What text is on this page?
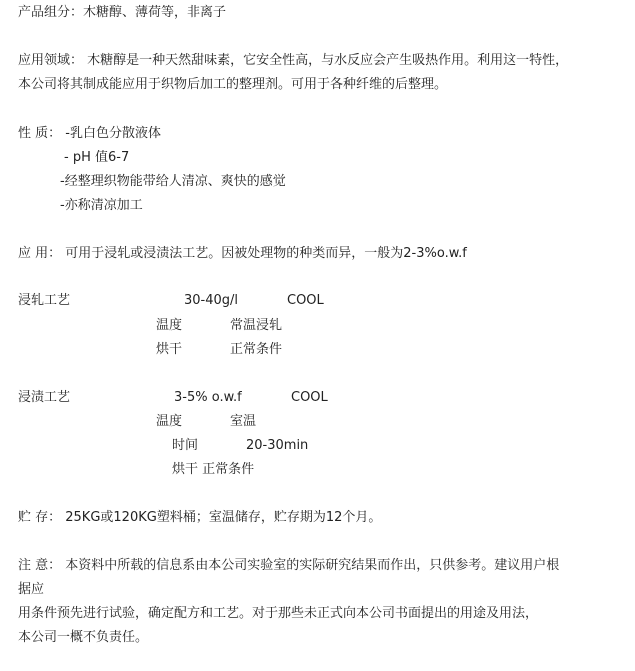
产品组分：木糖醇、薄荷等，非离子
应用领域： 木糖醇是一种天然甜味素，它安全性高，与水反应会产生吸热作用。利用这一特性，
本公司将其制成能应用于织物后加工的整理剂。可用于各种纤维的后整理。
性 质： -乳白色分散液体
- pH 值6-7
-经整理织物能带给人清凉、爽快的感觉
-亦称清凉加工
应 用： 可用于浸轧或浸渍法工艺。因被处理物的种类而异，一般为2-3%o.w.f
浸轧工艺	30-40g/l	COOL
温度	常温浸轧
烘干	正常条件
浸渍工艺	3-5% o.w.f	COOL
温度	室温
时间	20-30min
烘干 正常条件
贮 存： 25KG或120KG塑料桶；室温储存，贮存期为12个月。
注 意： 本资料中所载的信息系由本公司实验室的实际研究结果而作出，只供参考。建议用户根
据应
用条件预先进行试验，确定配方和工艺。对于那些未正式向本公司书面提出的用途及用法，
本公司一概不负责任。
